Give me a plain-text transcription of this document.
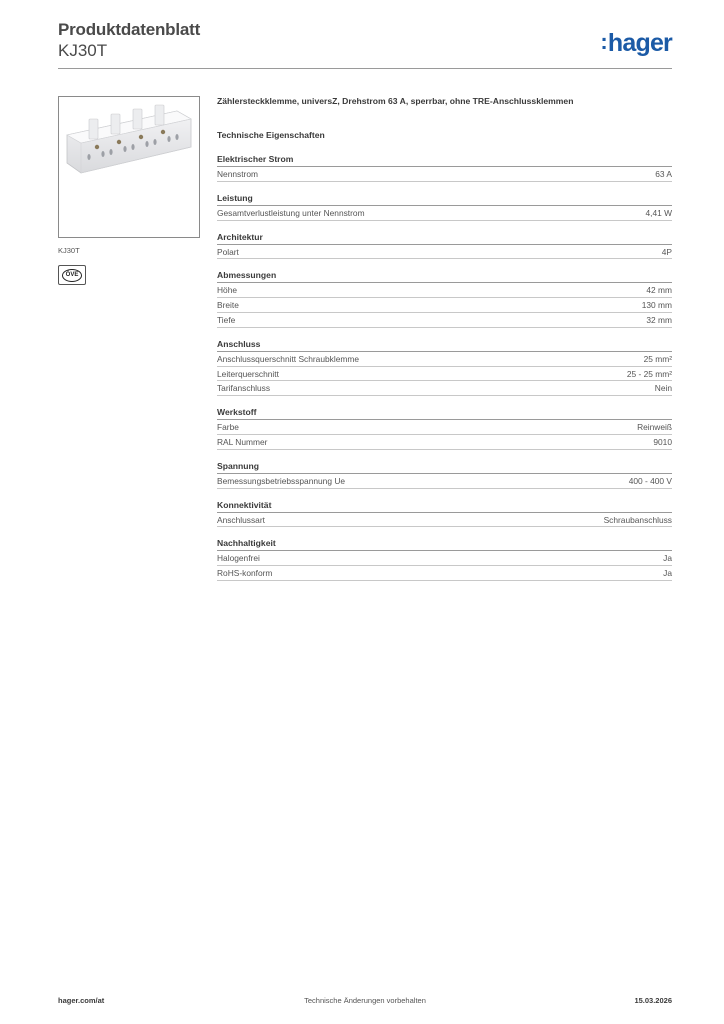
Produktdatenblatt
KJ30T	:hager
KJ30T
ÖVE
Zählersteckklemme, universZ, Drehstrom 63 A, sperrbar, ohne TRE-Anschlussklemmen
Technische Eigenschaften
Elektrischer Strom
Nennstrom	63 A
Leistung
Gesamtverlustleistung unter Nennstrom	4,41 W
Architektur
Polart	4P
Abmessungen
Höhe	42 mm
Breite	130 mm
Tiefe	32 mm
Anschluss
Anschlussquerschnitt Schraubklemme	25 mm²
Leiterquerschnitt	25 - 25 mm²
Tarifanschluss	Nein
Werkstoff
Farbe	Reinweiß
RAL Nummer	9010
Spannung
Bemessungsbetriebsspannung Ue	400 - 400 V
Konnektivität
Anschlussart	Schraubanschluss
Nachhaltigkeit
Halogenfrei	Ja
RoHS-konform	Ja
hager.com/at	Technische Änderungen vorbehalten	15.03.2026
